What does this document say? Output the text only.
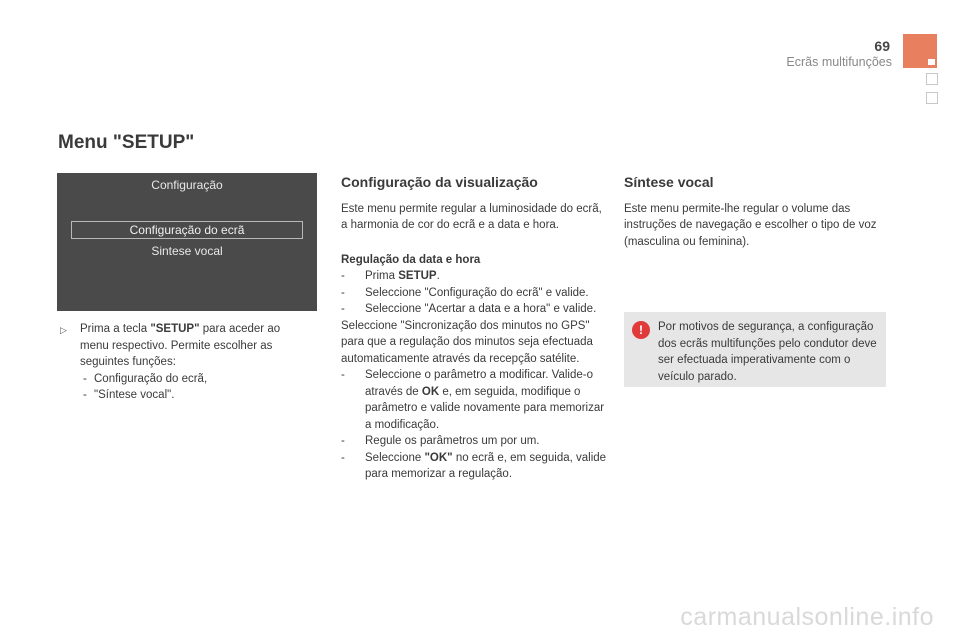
69
Ecrãs multifunções
Menu "SETUP"
Configuração
Configuração do ecrã
Sintese vocal
▷ Prima a tecla "SETUP" para aceder ao menu respectivo. Permite escolher as seguintes funções:
- Configuração do ecrã,
- "Síntese vocal".
Configuração da visualização

Este menu permite regular a luminosidade do ecrã, a harmonia de cor do ecrã e a data e hora.

Regulação da data e hora

- Prima SETUP.
- Seleccione "Configuração do ecrã" e valide.
- Seleccione "Acertar a data e a hora" e valide.

Seleccione "Sincronização dos minutos no GPS" para que a regulação dos minutos seja efectuada automaticamente através da recepção satélite.

- Seleccione o parâmetro a modificar. Valide-o através de OK e, em seguida, modifique o parâmetro e valide novamente para memorizar a modificação.
- Regule os parâmetros um por um.
- Seleccione "OK" no ecrã e, em seguida, valide para memorizar a regulação.
Síntese vocal

Este menu permite-lhe regular o volume das instruções de navegação e escolher o tipo de voz (masculina ou feminina).

!	Por motivos de segurança, a configuração dos ecrãs multifunções pelo condutor deve ser efectuada imperativamente com o veículo parado.
carmanualsonline.info
